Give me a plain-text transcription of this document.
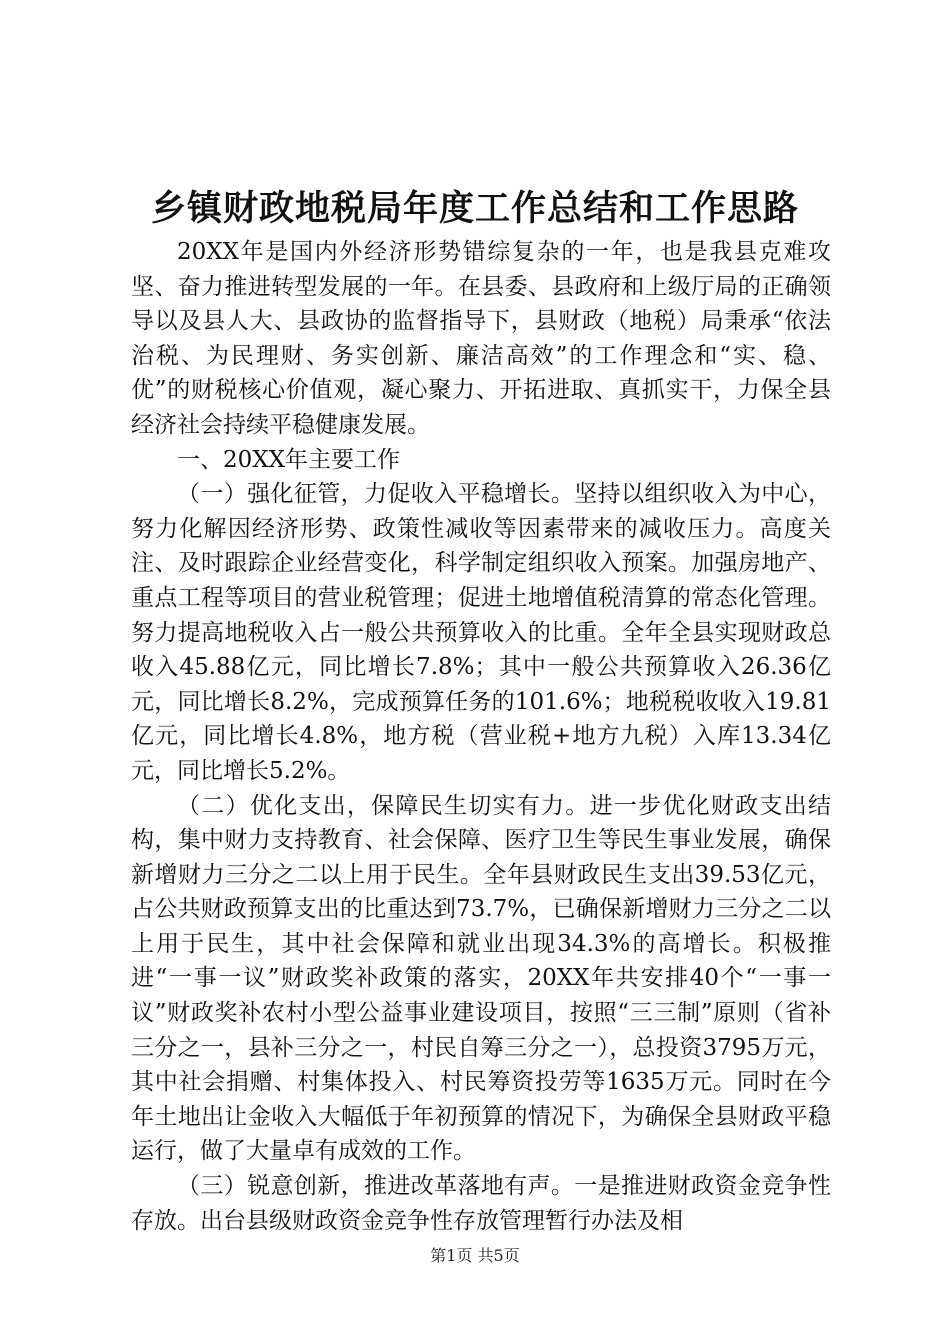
乡镇财政地税局年度工作总结和工作思路

20XX年是国内外经济形势错综复杂的一年，也是我县克难攻坚、奋力推进转型发展的一年。在县委、县政府和上级厅局的正确领导以及县人大、县政协的监督指导下，县财政（地税）局秉承“依法治税、为民理财、务实创新、廉洁高效”的工作理念和“实、稳、优”的财税核心价值观，凝心聚力、开拓进取、真抓实干，力保全县经济社会持续平稳健康发展。

一、20XX年主要工作

（一）强化征管，力促收入平稳增长。坚持以组织收入为中心，努力化解因经济形势、政策性减收等因素带来的减收压力。高度关注、及时跟踪企业经营变化，科学制定组织收入预案。加强房地产、重点工程等项目的营业税管理；促进土地增值税清算的常态化管理。努力提高地税收入占一般公共预算收入的比重。全年全县实现财政总收入45.88亿元，同比增长7.8%；其中一般公共预算收入26.36亿元，同比增长8.2%，完成预算任务的101.6%；地税税收收入19.81亿元，同比增长4.8%，地方税（营业税+地方九税）入库13.34亿元，同比增长5.2%。

（二）优化支出，保障民生切实有力。进一步优化财政支出结构，集中财力支持教育、社会保障、医疗卫生等民生事业发展，确保新增财力三分之二以上用于民生。全年县财政民生支出39.53亿元，占公共财政预算支出的比重达到73.7%，已确保新增财力三分之二以上用于民生，其中社会保障和就业出现34.3%的高增长。积极推进“一事一议”财政奖补政策的落实，20XX年共安排40个“一事一议”财政奖补农村小型公益事业建设项目，按照“三三制”原则（省补三分之一，县补三分之一，村民自筹三分之一），总投资3795万元，其中社会捐赠、村集体投入、村民筹资投劳等1635万元。同时在今年土地出让金收入大幅低于年初预算的情况下，为确保全县财政平稳运行，做了大量卓有成效的工作。

（三）锐意创新，推进改革落地有声。一是推进财政资金竞争性存放。出台县级财政资金竞争性存放管理暂行办法及相

第1页 共5页
